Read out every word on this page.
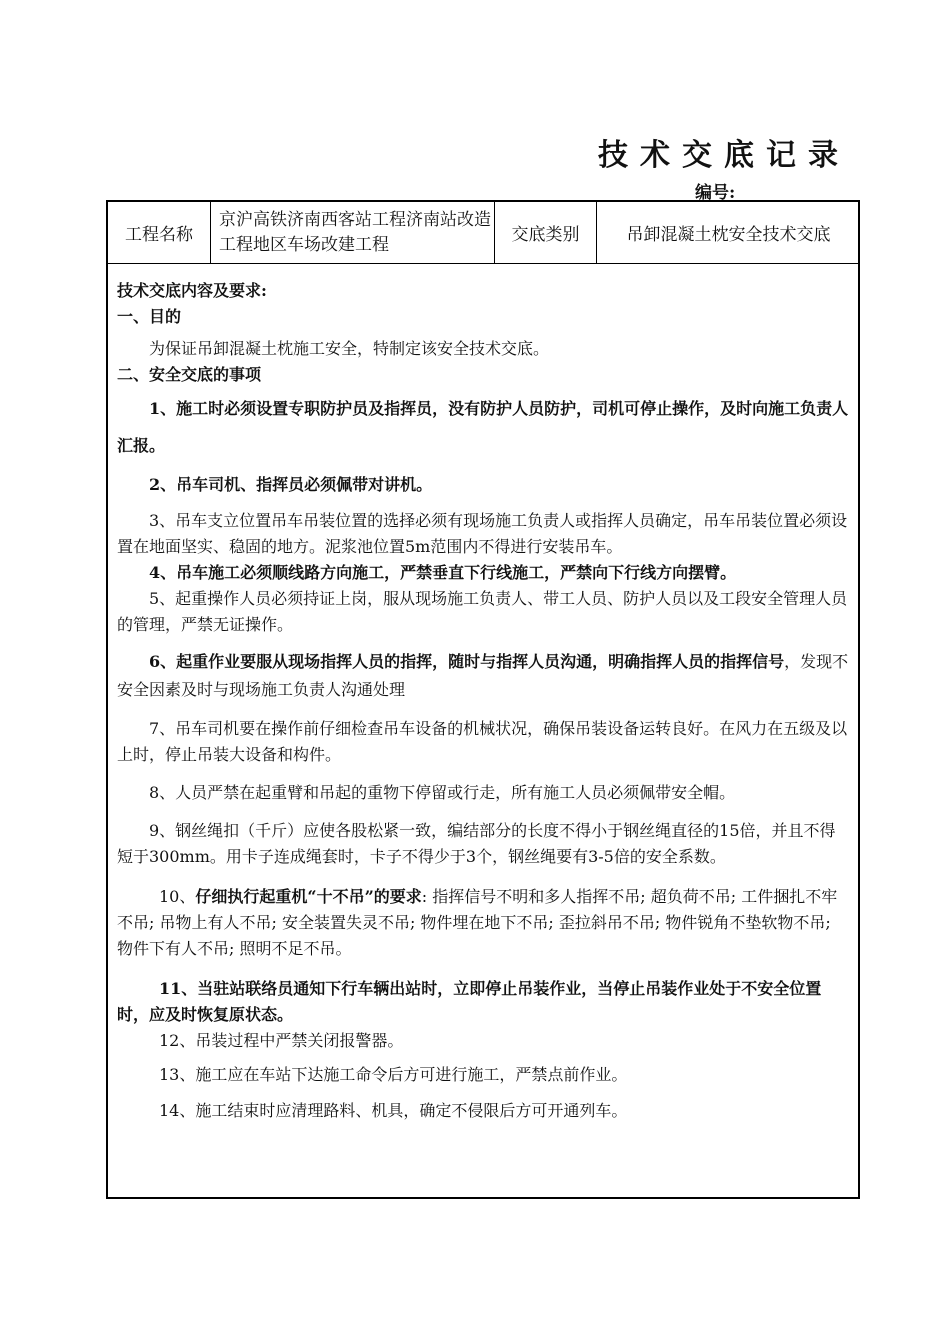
技术交底记录
编号:
工程名称
京沪高铁济南西客站工程济南站改造工程地区车场改建工程	交底类别	吊卸混凝土枕安全技术交底

技术交底内容及要求:

一、目的

为保证吊卸混凝土枕施工安全，特制定该安全技术交底。

二、安全交底的事项

1、施工时必须设置专职防护员及指挥员，没有防护人员防护，司机可停止操作，及时向施工负责人汇报。

2、吊车司机、指挥员必须佩带对讲机。

3、吊车支立位置吊车吊装位置的选择必须有现场施工负责人或指挥人员确定，吊车吊装位置必须设置在地面坚实、稳固的地方。泥浆池位置5m范围内不得进行安装吊车。

4、吊车施工必须顺线路方向施工，严禁垂直下行线施工，严禁向下行线方向摆臂。

5、起重操作人员必须持证上岗，服从现场施工负责人、带工人员、防护人员以及工段安全管理人员的管理，严禁无证操作。

6、起重作业要服从现场指挥人员的指挥，随时与指挥人员沟通，明确指挥人员的指挥信号，发现不安全因素及时与现场施工负责人沟通处理

7、吊车司机要在操作前仔细检查吊车设备的机械状况，确保吊装设备运转良好。在风力在五级及以上时，停止吊装大设备和构件。

8、人员严禁在起重臂和吊起的重物下停留或行走，所有施工人员必须佩带安全帽。

9、钢丝绳扣（千斤）应使各股松紧一致，编结部分的长度不得小于钢丝绳直径的15倍，并且不得短于300mm。用卡子连成绳套时，卡子不得少于3个，钢丝绳要有3-5倍的安全系数。

10、仔细执行起重机“十不吊”的要求: 指挥信号不明和多人指挥不吊; 超负荷不吊; 工件捆扎不牢不吊; 吊物上有人不吊; 安全装置失灵不吊; 物件埋在地下不吊; 歪拉斜吊不吊; 物件锐角不垫软物不吊; 物件下有人不吊; 照明不足不吊。

11、当驻站联络员通知下行车辆出站时，立即停止吊装作业，当停止吊装作业处于不安全位置时，应及时恢复原状态。

12、吊装过程中严禁关闭报警器。

13、施工应在车站下达施工命令后方可进行施工，严禁点前作业。

14、施工结束时应清理路料、机具，确定不侵限后方可开通列车。
